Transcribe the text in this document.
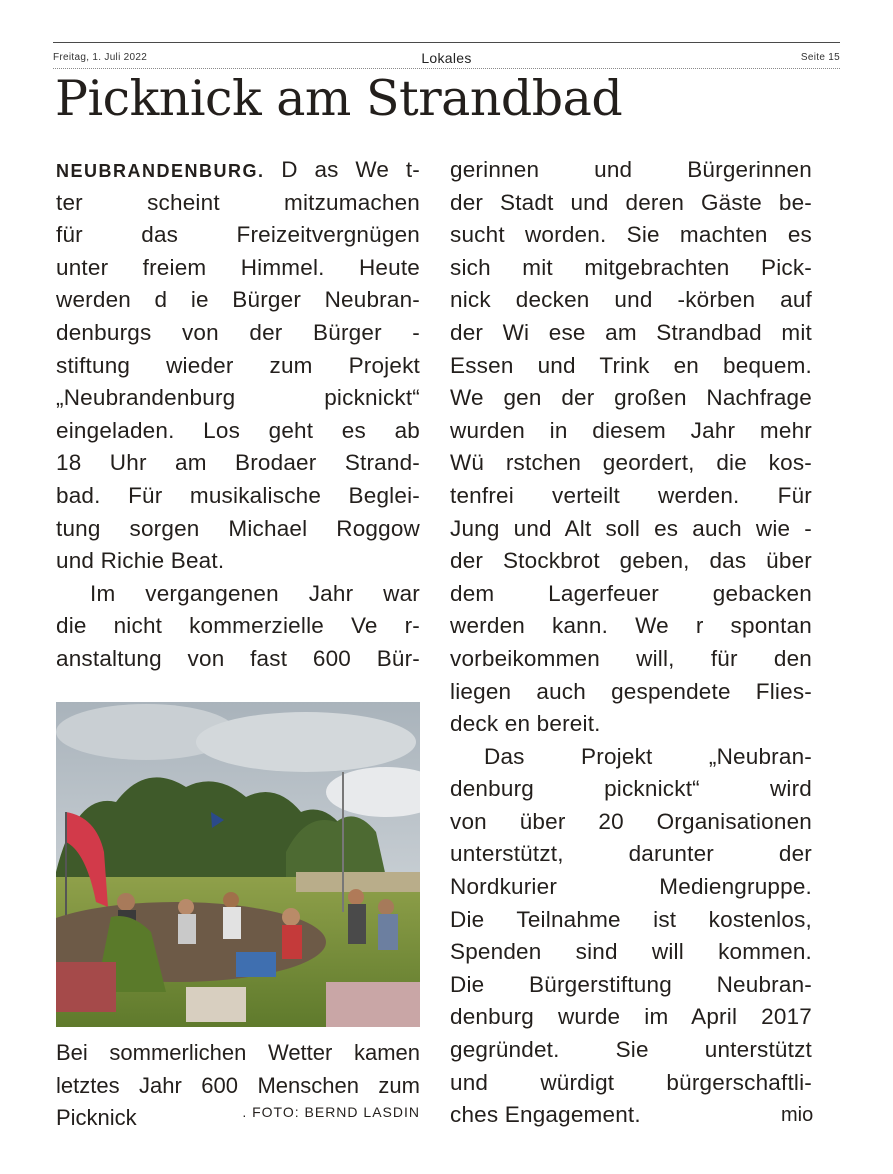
Freitag, 1. Juli 2022	Lokales	Seite 15
Picknick am Strandbad
NEUBRANDENBURG. D as We t-
ter scheint mitzumachen
für das Freizeitvergnügen
unter freiem Himmel. Heute
werden d ie Bürger Neubran-
denburgs von der Bürger -
stiftung wieder zum Projekt
„Neubrandenburg picknickt“
eingeladen. Los geht es ab
18 Uhr am Brodaer Strand-
bad. Für musikalische Beglei-
tung sorgen Michael Roggow
und Richie Beat.
Im vergangenen Jahr war
die nicht kommerzielle Ve r-
anstaltung von fast 600 Bür-
Bei sommerlichen Wetter kamen
letztes Jahr 600 Menschen zum
Picknick	. FOTO: BERND LASDIN
gerinnen und Bürgerinnen
der Stadt und deren Gäste be-
sucht worden. Sie machten es
sich mit mitgebrachten Pick-
nick decken und -körben auf
der Wi ese am Strandbad mit
Essen und Trink en bequem.
We gen der großen Nachfrage
wurden in diesem Jahr mehr
Wü rstchen geordert, die kos-
tenfrei verteilt werden. Für
Jung und Alt soll es auch wie -
der Stockbrot geben, das über
dem Lagerfeuer gebacken
werden kann. We r spontan
vorbeikommen will, für den
liegen auch gespendete Flies-
deck en bereit.
Das Projekt „Neubran-
denburg picknickt“ wird
von über 20 Organisationen
unterstützt, darunter der
Nordkurier Mediengruppe.
Die Teilnahme ist kostenlos,
Spenden sind will kommen.
Die Bürgerstiftung Neubran-
denburg wurde im April 2017
gegründet. Sie unterstützt
und würdigt bürgerschaftli-
ches Engagement.	mio
